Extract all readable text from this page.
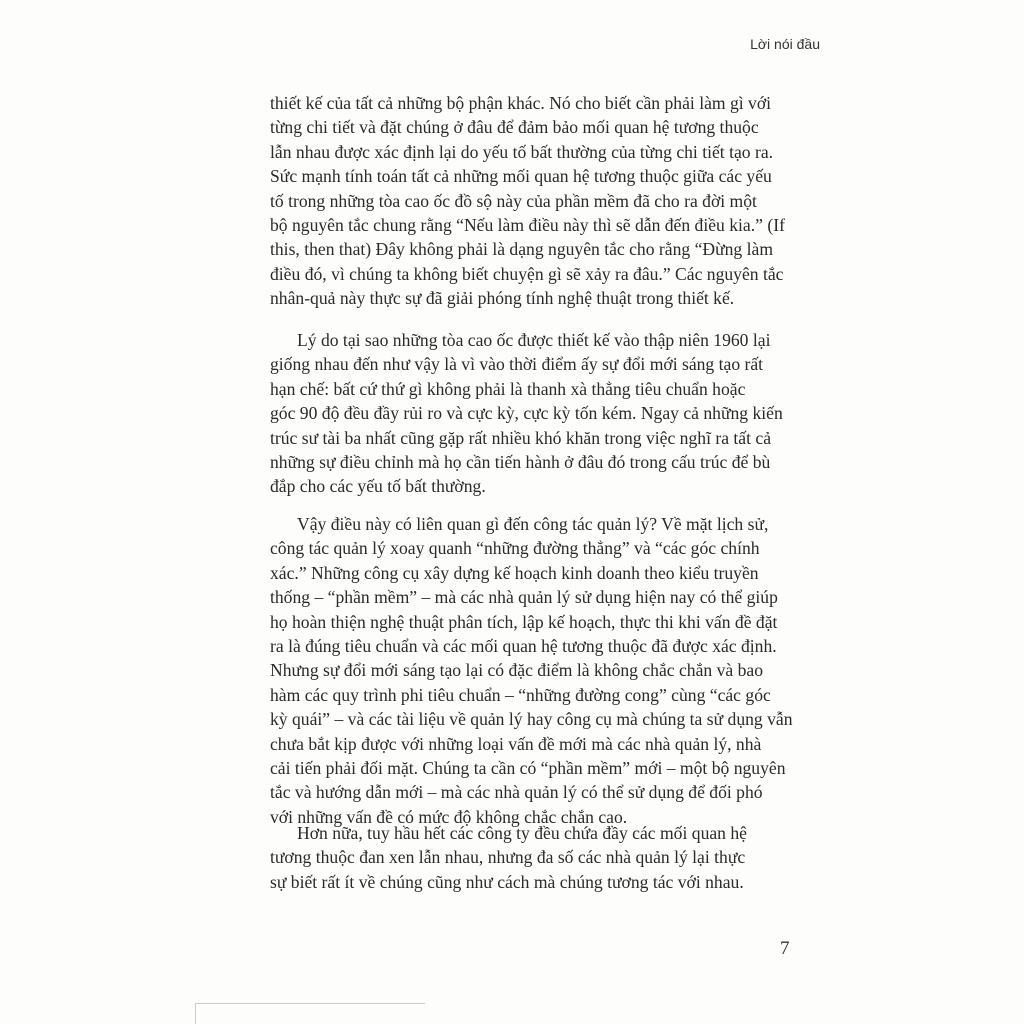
Lời nói đầu
thiết kế của tất cả những bộ phận khác. Nó cho biết cần phải làm gì với
từng chi tiết và đặt chúng ở đâu để đảm bảo mối quan hệ tương thuộc
lẫn nhau được xác định lại do yếu tố bất thường của từng chi tiết tạo ra.
Sức mạnh tính toán tất cả những mối quan hệ tương thuộc giữa các yếu
tố trong những tòa cao ốc đồ sộ này của phần mềm đã cho ra đời một
bộ nguyên tắc chung rằng “Nếu làm điều này thì sẽ dẫn đến điều kia.” (If
this, then that) Đây không phải là dạng nguyên tắc cho rằng “Đừng làm
điều đó, vì chúng ta không biết chuyện gì sẽ xảy ra đâu.” Các nguyên tắc
nhân-quả này thực sự đã giải phóng tính nghệ thuật trong thiết kế.
Lý do tại sao những tòa cao ốc được thiết kế vào thập niên 1960 lại
giống nhau đến như vậy là vì vào thời điểm ấy sự đổi mới sáng tạo rất
hạn chế: bất cứ thứ gì không phải là thanh xà thẳng tiêu chuẩn hoặc
góc 90 độ đều đầy rủi ro và cực kỳ, cực kỳ tốn kém. Ngay cả những kiến
trúc sư tài ba nhất cũng gặp rất nhiều khó khăn trong việc nghĩ ra tất cả
những sự điều chỉnh mà họ cần tiến hành ở đâu đó trong cấu trúc để bù
đắp cho các yếu tố bất thường.
Vậy điều này có liên quan gì đến công tác quản lý? Về mặt lịch sử,
công tác quản lý xoay quanh “những đường thẳng” và “các góc chính
xác.” Những công cụ xây dựng kế hoạch kinh doanh theo kiểu truyền
thống – “phần mềm” – mà các nhà quản lý sử dụng hiện nay có thể giúp
họ hoàn thiện nghệ thuật phân tích, lập kế hoạch, thực thi khi vấn đề đặt
ra là đúng tiêu chuẩn và các mối quan hệ tương thuộc đã được xác định.
Nhưng sự đổi mới sáng tạo lại có đặc điểm là không chắc chắn và bao
hàm các quy trình phi tiêu chuẩn – “những đường cong” cùng “các góc
kỳ quái” – và các tài liệu về quản lý hay công cụ mà chúng ta sử dụng vẫn
chưa bắt kịp được với những loại vấn đề mới mà các nhà quản lý, nhà
cải tiến phải đối mặt. Chúng ta cần có “phần mềm” mới – một bộ nguyên
tắc và hướng dẫn mới – mà các nhà quản lý có thể sử dụng để đối phó
với những vấn đề có mức độ không chắc chắn cao.
Hơn nữa, tuy hầu hết các công ty đều chứa đầy các mối quan hệ
tương thuộc đan xen lẫn nhau, nhưng đa số các nhà quản lý lại thực
sự biết rất ít về chúng cũng như cách mà chúng tương tác với nhau.
7
